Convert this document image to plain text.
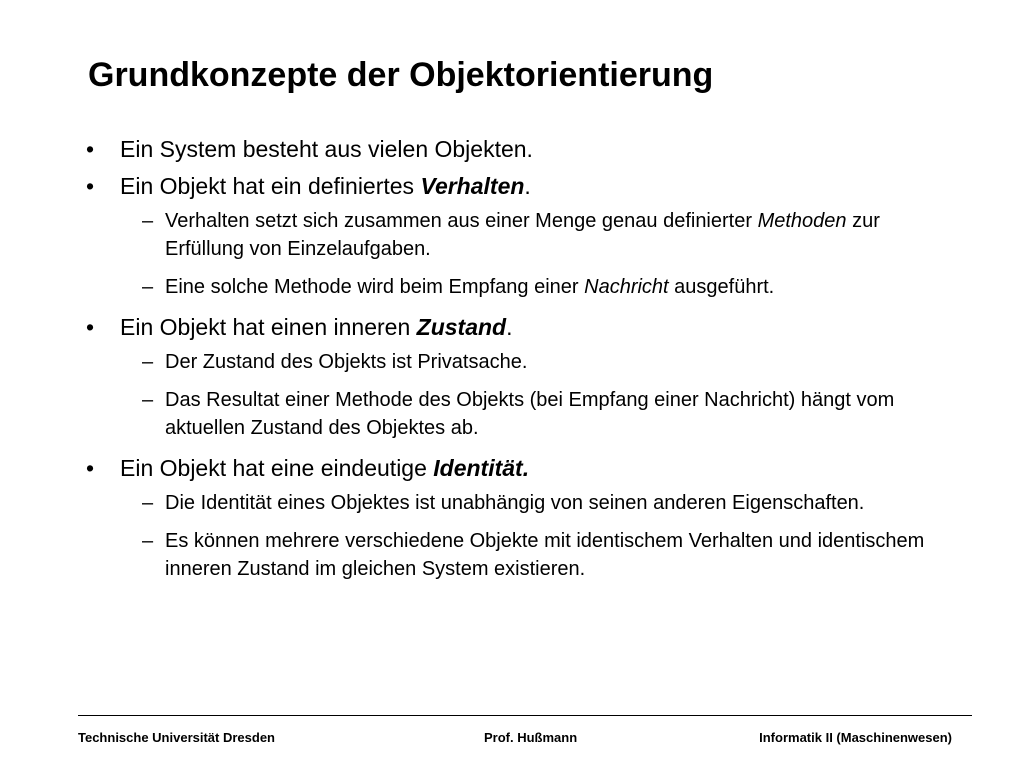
Grundkonzepte der Objektorientierung
• Ein System besteht aus vielen Objekten.
• Ein Objekt hat ein definiertes Verhalten.
– Verhalten setzt sich zusammen aus einer Menge genau definierter Methoden zur Erfüllung von Einzelaufgaben.
– Eine solche Methode wird beim Empfang einer Nachricht ausgeführt.
• Ein Objekt hat einen inneren Zustand.
– Der Zustand des Objekts ist Privatsache.
– Das Resultat einer Methode des Objekts (bei Empfang einer Nachricht) hängt vom aktuellen Zustand des Objektes ab.
• Ein Objekt hat eine eindeutige Identität.
– Die Identität eines Objektes ist unabhängig von seinen anderen Eigenschaften.
– Es können mehrere verschiedene Objekte mit identischem Verhalten und identischem inneren Zustand im gleichen System existieren.
Technische Universität Dresden	Prof. Hußmann	Informatik II (Maschinenwesen)
